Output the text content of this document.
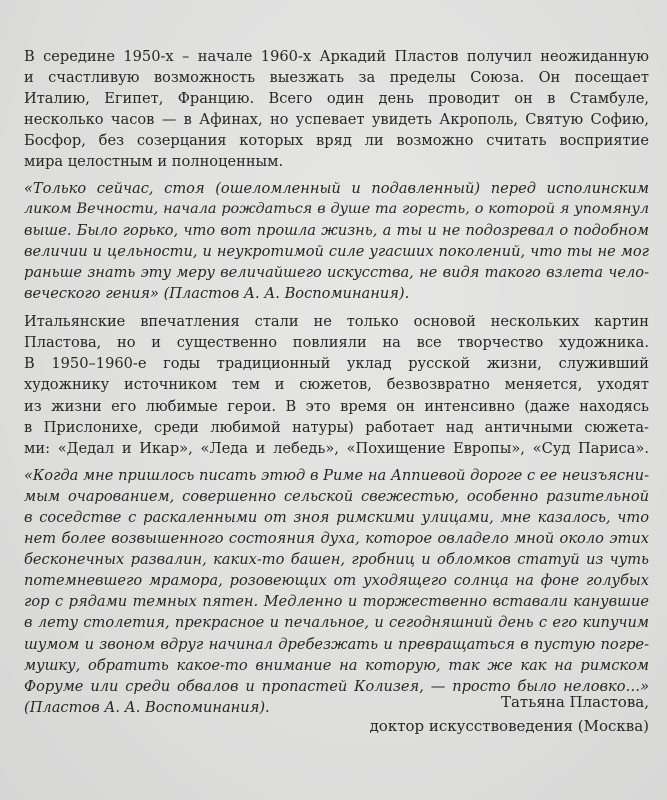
В середине 1950-х – начале 1960-х Аркадий Пластов получил неожиданную
и счастливую возможность выезжать за пределы Союза. Он посещает
Италию, Египет, Францию. Всего один день проводит он в Стамбуле,
несколько часов — в Афинах, но успевает увидеть Акрополь, Святую Софию,
Босфор, без созерцания которых вряд ли возможно считать восприятие
мира целостным и полноценным.
«Только сейчас, стоя (ошеломленный и подавленный) перед исполинским
ликом Вечности, начала рождаться в душе та горесть, о которой я упомянул
выше. Было горько, что вот прошла жизнь, а ты и не подозревал о подобном
величии и цельности, и неукротимой силе угасших поколений, что ты не мог
раньше знать эту меру величайшего искусства, не видя такого взлета чело-
веческого гения» (Пластов А. А. Воспоминания).
Итальянские впечатления стали не только основой нескольких картин
Пластова, но и существенно повлияли на все творчество художника.
В 1950–1960-е годы традиционный уклад русской жизни, служивший
художнику источником тем и сюжетов, безвозвратно меняется, уходят
из жизни его любимые герои. В это время он интенсивно (даже находясь
в Прислонихе, среди любимой натуры) работает над античными сюжета-
ми: «Дедал и Икар», «Леда и лебедь», «Похищение Европы», «Суд Париса».
«Когда мне пришлось писать этюд в Риме на Аппиевой дороге с ее неизъясни-
мым очарованием, совершенно сельской свежестью, особенно разительной
в соседстве с раскаленными от зноя римскими улицами, мне казалось, что
нет более возвышенного состояния духа, которое овладело мной около этих
бесконечных развалин, каких-то башен, гробниц и обломков статуй из чуть
потемневшего мрамора, розовеющих от уходящего солнца на фоне голубых
гор с рядами темных пятен. Медленно и торжественно вставали канувшие
в лету столетия, прекрасное и печальное, и сегодняшний день с его кипучим
шумом и звоном вдруг начинал дребезжать и превращаться в пустую погре-
мушку, обратить какое-то внимание на которую, так же как на римском
Форуме или среди обвалов и пропастей Колизея, — просто было неловко…»
(Пластов А. А. Воспоминания).	Татьяна Пластова,
доктор искусствоведения (Москва)
